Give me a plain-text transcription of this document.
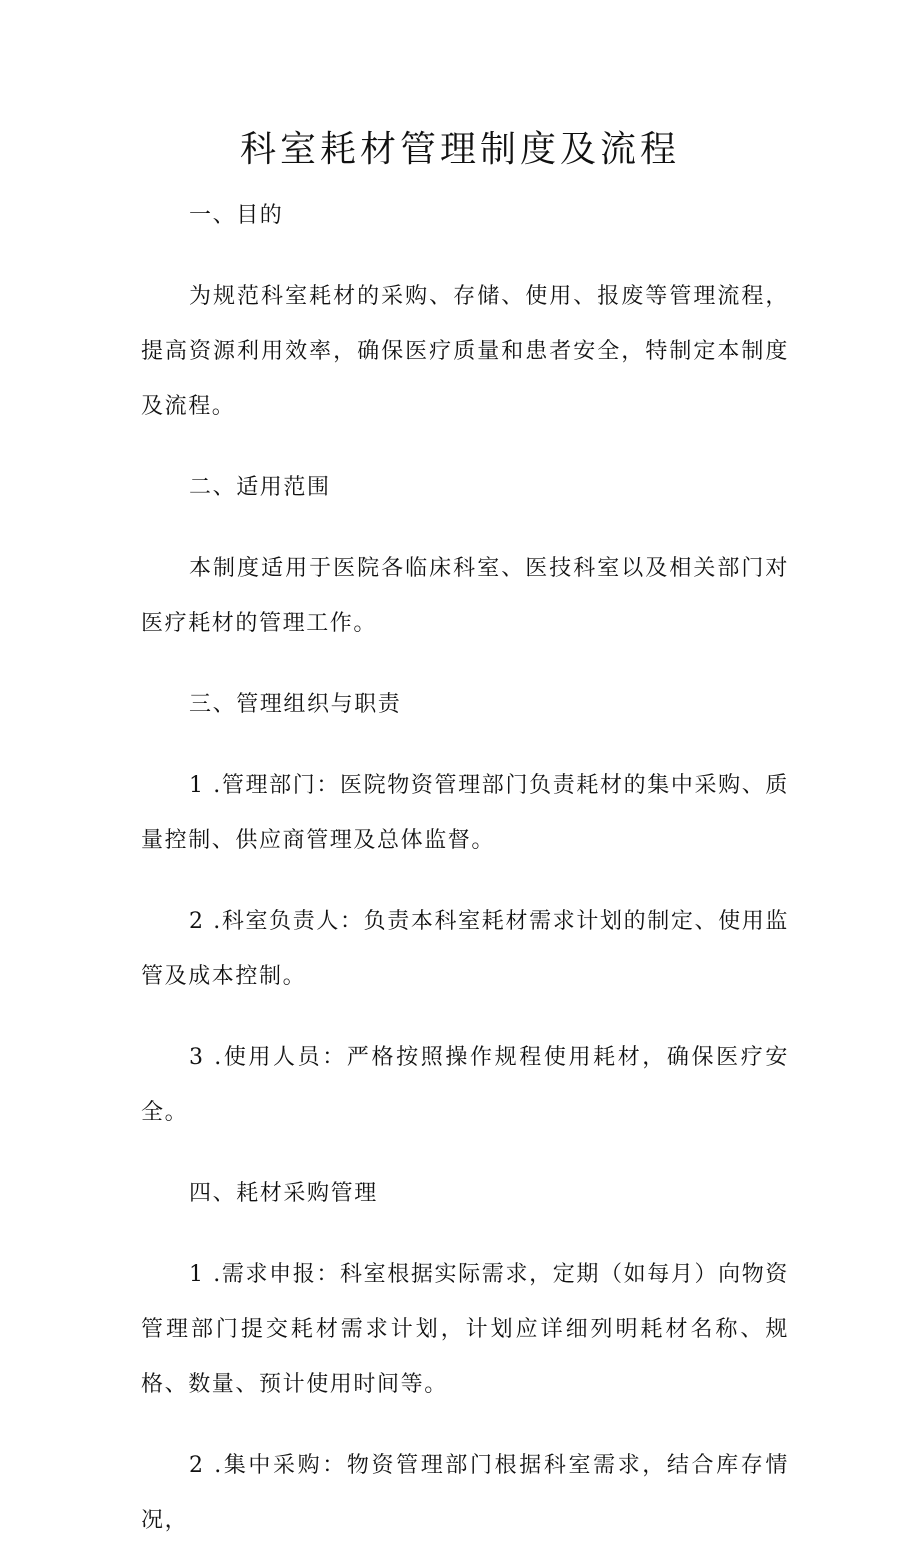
科室耗材管理制度及流程

一、目的

为规范科室耗材的采购、存储、使用、报废等管理流程，提高资源利用效率，确保医疗质量和患者安全，特制定本制度及流程。

二、适用范围

本制度适用于医院各临床科室、医技科室以及相关部门对医疗耗材的管理工作。

三、管理组织与职责

1 .管理部门：医院物资管理部门负责耗材的集中采购、质量控制、供应商管理及总体监督。

2 .科室负责人：负责本科室耗材需求计划的制定、使用监管及成本控制。

3 .使用人员：严格按照操作规程使用耗材，确保医疗安全。

四、耗材采购管理

1 .需求申报：科室根据实际需求，定期（如每月）向物资管理部门提交耗材需求计划，计划应详细列明耗材名称、规格、数量、预计使用时间等。

2 .集中采购：物资管理部门根据科室需求，结合库存情况，
